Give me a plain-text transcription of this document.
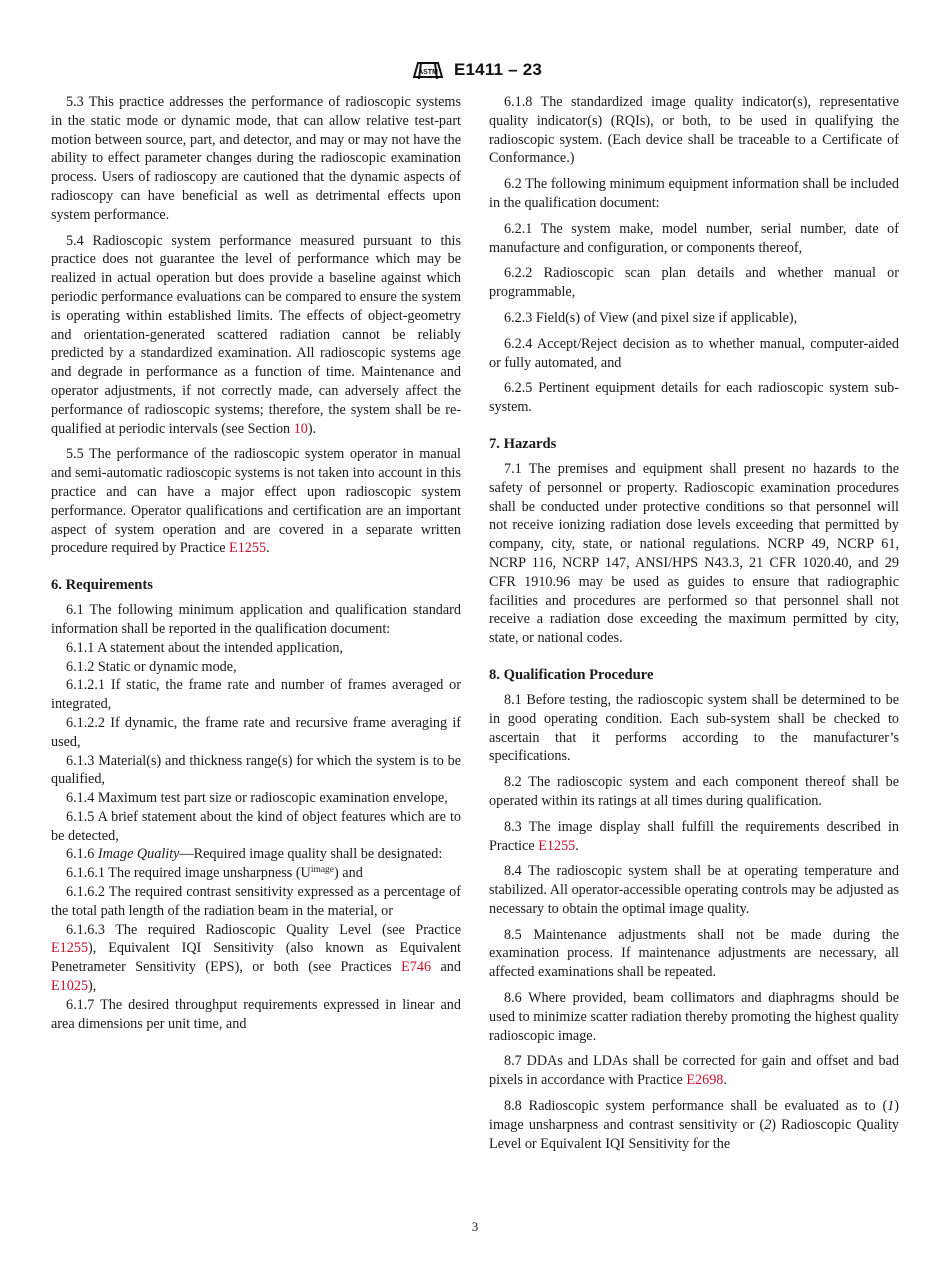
ASTM E1411 – 23

5.3 This practice addresses the performance of radioscopic systems in the static mode or dynamic mode, that can allow relative test-part motion between source, part, and detector, and may or may not have the ability to effect parameter changes during the radioscopic examination process. Users of radioscopy are cautioned that the dynamic aspects of radioscopy can have beneficial as well as detrimental effects upon system performance.

5.4 Radioscopic system performance measured pursuant to this practice does not guarantee the level of performance which may be realized in actual operation but does provide a baseline against which periodic performance evaluations can be compared to ensure the system is operating within established limits. The effects of object-geometry and orientation-generated scattered radiation cannot be reliably predicted by a standardized examination. All radioscopic systems age and degrade in performance as a function of time. Maintenance and operator adjustments, if not correctly made, can adversely affect the performance of radioscopic systems; therefore, the system shall be re-qualified at periodic intervals (see Section 10).

5.5 The performance of the radioscopic system operator in manual and semi-automatic radioscopic systems is not taken into account in this practice and can have a major effect upon radioscopic system performance. Operator qualifications and certification are an important aspect of system operation and are covered in a separate written procedure required by Practice E1255.

6. Requirements

6.1 The following minimum application and qualification standard information shall be reported in the qualification document:

6.1.1 A statement about the intended application,

6.1.2 Static or dynamic mode,

6.1.2.1 If static, the frame rate and number of frames averaged or integrated,

6.1.2.2 If dynamic, the frame rate and recursive frame averaging if used,

6.1.3 Material(s) and thickness range(s) for which the system is to be qualified,

6.1.4 Maximum test part size or radioscopic examination envelope,

6.1.5 A brief statement about the kind of object features which are to be detected,

6.1.6 Image Quality—Required image quality shall be designated:

6.1.6.1 The required image unsharpness $(U^{image})$ and

6.1.6.2 The required contrast sensitivity expressed as a percentage of the total path length of the radiation beam in the material, or

6.1.6.3 The required Radioscopic Quality Level (see Practice E1255), Equivalent IQI Sensitivity (also known as Equivalent Penetrameter Sensitivity (EPS), or both (see Practices E746 and E1025),

6.1.7 The desired throughput requirements expressed in linear and area dimensions per unit time, and

6.1.8 The standardized image quality indicator(s), representative quality indicator(s) (RQIs), or both, to be used in qualifying the radioscopic system. (Each device shall be traceable to a Certificate of Conformance.)

6.2 The following minimum equipment information shall be included in the qualification document:

6.2.1 The system make, model number, serial number, date of manufacture and configuration, or components thereof,

6.2.2 Radioscopic scan plan details and whether manual or programmable,

6.2.3 Field(s) of View (and pixel size if applicable),

6.2.4 Accept/Reject decision as to whether manual, computer-aided or fully automated, and

6.2.5 Pertinent equipment details for each radioscopic system sub-system.

7. Hazards

7.1 The premises and equipment shall present no hazards to the safety of personnel or property. Radioscopic examination procedures shall be conducted under protective conditions so that personnel will not receive ionizing radiation dose levels exceeding that permitted by company, city, state, or national regulations. NCRP 49, NCRP 61, NCRP 116, NCRP 147, ANSI/HPS N43.3, 21 CFR 1020.40, and 29 CFR 1910.96 may be used as guides to ensure that radiographic facilities and procedures are performed so that personnel shall not receive a radiation dose exceeding the maximum permitted by city, state, or national codes.

8. Qualification Procedure

8.1 Before testing, the radioscopic system shall be determined to be in good operating condition. Each sub-system shall be checked to ascertain that it performs according to the manufacturer’s specifications.

8.2 The radioscopic system and each component thereof shall be operated within its ratings at all times during qualification.

8.3 The image display shall fulfill the requirements described in Practice E1255.

8.4 The radioscopic system shall be at operating temperature and stabilized. All operator-accessible operating controls may be adjusted as necessary to obtain the optimal image quality.

8.5 Maintenance adjustments shall not be made during the examination process. If maintenance adjustments are necessary, all affected examinations shall be repeated.

8.6 Where provided, beam collimators and diaphragms should be used to minimize scatter radiation thereby promoting the highest quality radioscopic image.

8.7 DDAs and LDAs shall be corrected for gain and offset and bad pixels in accordance with Practice E2698.

8.8 Radioscopic system performance shall be evaluated as to (1) image unsharpness and contrast sensitivity or (2) Radioscopic Quality Level or Equivalent IQI Sensitivity for the

3
